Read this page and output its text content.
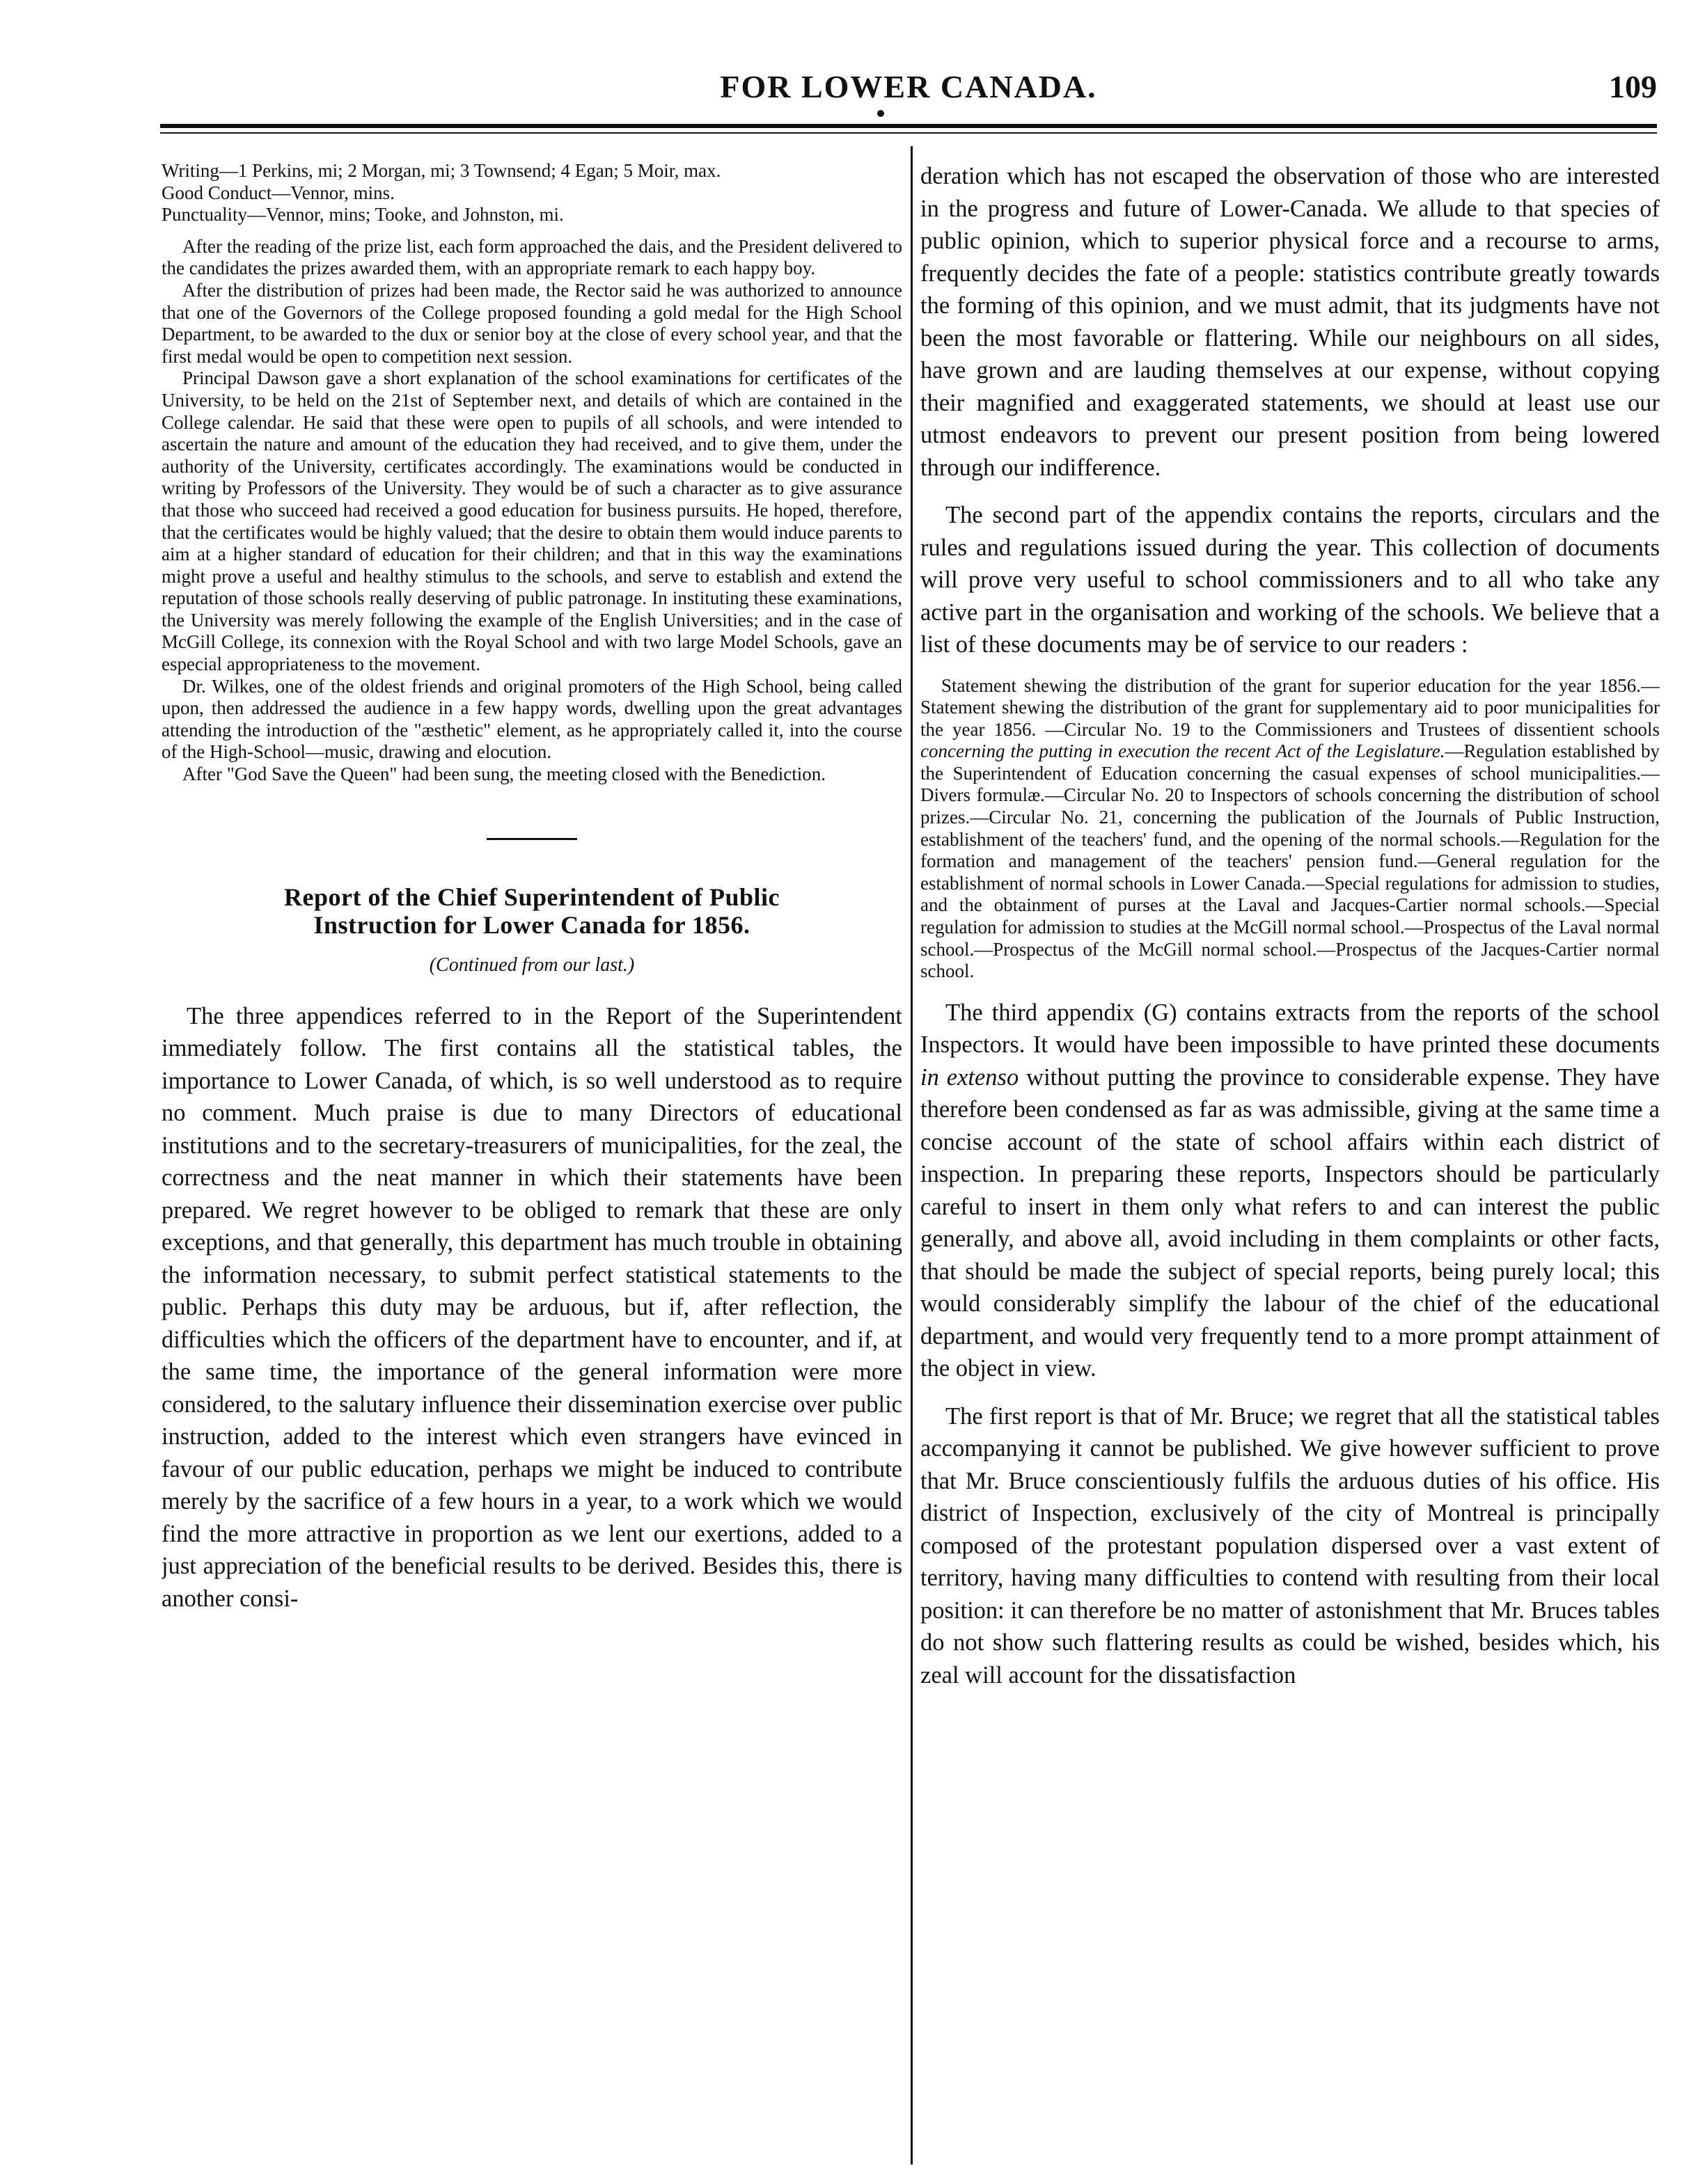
FOR LOWER CANADA.	109

Writing—1 Perkins, mi; 2 Morgan, mi; 3 Townsend; 4 Egan; 5 Moir, max.

Good Conduct—Vennor, mins.

Punctuality—Vennor, mins; Tooke, and Johnston, mi.

After the reading of the prize list, each form approached the dais, and the President delivered to the candidates the prizes awarded them, with an appropriate remark to each happy boy.

After the distribution of prizes had been made, the Rector said he was authorized to announce that one of the Governors of the College proposed founding a gold medal for the High School Department, to be awarded to the dux or senior boy at the close of every school year, and that the first medal would be open to competition next session.

Principal Dawson gave a short explanation of the school examinations for certificates of the University, to be held on the 21st of September next, and details of which are contained in the College calendar. He said that these were open to pupils of all schools, and were intended to ascertain the nature and amount of the education they had received, and to give them, under the authority of the University, certificates accordingly. The examinations would be conducted in writing by Professors of the University. They would be of such a character as to give assurance that those who succeed had received a good education for business pursuits. He hoped, therefore, that the certificates would be highly valued; that the desire to obtain them would induce parents to aim at a higher standard of education for their children; and that in this way the examinations might prove a useful and healthy stimulus to the schools, and serve to establish and extend the reputation of those schools really deserving of public patronage. In instituting these examinations, the University was merely following the example of the English Universities; and in the case of McGill College, its connexion with the Royal School and with two large Model Schools, gave an especial appropriateness to the movement.

Dr. Wilkes, one of the oldest friends and original promoters of the High School, being called upon, then addressed the audience in a few happy words, dwelling upon the great advantages attending the introduction of the "æsthetic" element, as he appropriately called it, into the course of the High-School—music, drawing and elocution.

After "God Save the Queen" had been sung, the meeting closed with the Benediction.

Report of the Chief Superintendent of Public
Instruction for Lower Canada for 1856.
(Continued from our last.)

The three appendices referred to in the Report of the Superintendent immediately follow. The first contains all the statistical tables, the importance to Lower Canada, of which, is so well understood as to require no comment. Much praise is due to many Directors of educational institutions and to the secretary-treasurers of municipalities, for the zeal, the correctness and the neat manner in which their statements have been prepared. We regret however to be obliged to remark that these are only exceptions, and that generally, this department has much trouble in obtaining the information necessary, to submit perfect statistical statements to the public. Perhaps this duty may be arduous, but if, after reflection, the difficulties which the officers of the department have to encounter, and if, at the same time, the importance of the general information were more considered, to the salutary influence their dissemination exercise over public instruction, added to the interest which even strangers have evinced in favour of our public education, perhaps we might be induced to contribute merely by the sacrifice of a few hours in a year, to a work which we would find the more attractive in proportion as we lent our exertions, added to a just appreciation of the beneficial results to be derived. Besides this, there is another consi-

deration which has not escaped the observation of those who are interested in the progress and future of Lower-Canada. We allude to that species of public opinion, which to superior physical force and a recourse to arms, frequently decides the fate of a people: statistics contribute greatly towards the forming of this opinion, and we must admit, that its judgments have not been the most favorable or flattering. While our neighbours on all sides, have grown and are lauding themselves at our expense, without copying their magnified and exaggerated statements, we should at least use our utmost endeavors to prevent our present position from being lowered through our indifference.

The second part of the appendix contains the reports, circulars and the rules and regulations issued during the year. This collection of documents will prove very useful to school commissioners and to all who take any active part in the organisation and working of the schools. We believe that a list of these documents may be of service to our readers :

Statement shewing the distribution of the grant for superior education for the year 1856.—Statement shewing the distribution of the grant for supplementary aid to poor municipalities for the year 1856. —Circular No. 19 to the Commissioners and Trustees of dissentient schools concerning the putting in execution the recent Act of the Legislature.—Regulation established by the Superintendent of Education concerning the casual expenses of school municipalities.—Divers formulæ.—Circular No. 20 to Inspectors of schools concerning the distribution of school prizes.—Circular No. 21, concerning the publication of the Journals of Public Instruction, establishment of the teachers' fund, and the opening of the normal schools.—Regulation for the formation and management of the teachers' pension fund.—General regulation for the establishment of normal schools in Lower Canada.—Special regulations for admission to studies, and the obtainment of purses at the Laval and Jacques-Cartier normal schools.—Special regulation for admission to studies at the McGill normal school.—Prospectus of the Laval normal school.—Prospectus of the McGill normal school.—Prospectus of the Jacques-Cartier normal school.

The third appendix (G) contains extracts from the reports of the school Inspectors. It would have been impossible to have printed these documents in extenso without putting the province to considerable expense. They have therefore been condensed as far as was admissible, giving at the same time a concise account of the state of school affairs within each district of inspection. In preparing these reports, Inspectors should be particularly careful to insert in them only what refers to and can interest the public generally, and above all, avoid including in them complaints or other facts, that should be made the subject of special reports, being purely local; this would considerably simplify the labour of the chief of the educational department, and would very frequently tend to a more prompt attainment of the object in view.

The first report is that of Mr. Bruce; we regret that all the statistical tables accompanying it cannot be published. We give however sufficient to prove that Mr. Bruce conscientiously fulfils the arduous duties of his office. His district of Inspection, exclusively of the city of Montreal is principally composed of the protestant population dispersed over a vast extent of territory, having many difficulties to contend with resulting from their local position: it can therefore be no matter of astonishment that Mr. Bruces tables do not show such flattering results as could be wished, besides which, his zeal will account for the dissatisfaction
